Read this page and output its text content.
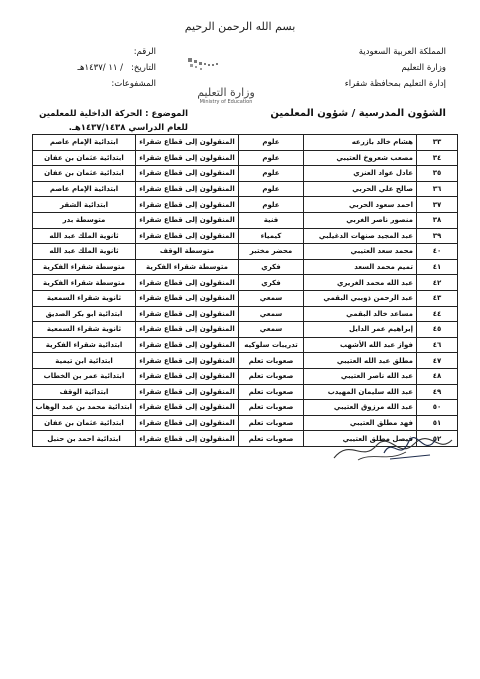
بسم الله الرحمن الرحيم
المملكة العربية السعودية
وزارة التعليم
إدارة التعليم بمحافظة شقراء
الرقم:
التاريخ:
/ ١١ /١٤٣٧هـ
المشفوعات:
وزارة التعليم
Ministry of Education
الشؤون المدرسية / شؤون المعلمين
الموضوع : الحركة الداخلية للمعلمين
للعام الدراسي ١٤٣٧/١٤٣٨هـ.
٣٣	هشام خالد بازرعه	علوم	المنقولون إلى قطاع شقراء	ابتدائية الإمام عاصم
٣٤	مصعب شعروخ العتيبي	علوم	المنقولون إلى قطاع شقراء	ابتدائية عثمان بن عفان
٣٥	عادل عواد العنزي	علوم	المنقولون إلى قطاع شقراء	ابتدائية عثمان بن عفان
٣٦	صالح علي الحربي	علوم	المنقولون إلى قطاع شقراء	ابتدائية الإمام عاصم
٣٧	احمد سعود الحربي	علوم	المنقولون إلى قطاع شقراء	ابتدائية الشقر
٣٨	منصور ناصر الغربي	فنية	المنقولون إلى قطاع شقراء	متوسطة بدر
٣٩	عبد المجيد صنهات الدغيلبي	كيمياء	المنقولون إلى قطاع شقراء	ثانوية الملك عبد الله
٤٠	محمد سعد العتيبي	محضر مختبر	متوسطة الوقف	ثانوية الملك عبد الله
٤١	تميم محمد السعد	فكري	متوسطة شقراء الفكرية	متوسطة شقراء الفكرية
٤٢	عبد الله محمد الغريري	فكري	المنقولون إلى قطاع شقراء	متوسطة شقراء الفكرية
٤٣	عبد الرحمن ذويبي البقمي	سمعي	المنقولون إلى قطاع شقراء	ثانوية شقراء السمعية
٤٤	مساعد خالد البقمي	سمعي	المنقولون إلى قطاع شقراء	ابتدائية ابو بكر الصديق
٤٥	إبراهيم عمر الدايل	سمعي	المنقولون إلى قطاع شقراء	ثانوية شقراء السمعية
٤٦	فواز عبد الله الأشهب	تدريبات سلوكيه	المنقولون إلى قطاع شقراء	ابتدائية شقراء الفكرية
٤٧	مطلق عبد الله العتيبي	صعوبات تعلم	المنقولون إلى قطاع شقراء	ابتدائية ابن تيمية
٤٨	عبد الله ناصر العتيبي	صعوبات تعلم	المنقولون إلى قطاع شقراء	ابتدائية عمر بن الخطاب
٤٩	عبد الله سليمان المهيدب	صعوبات تعلم	المنقولون إلى قطاع شقراء	ابتدائية الوقف
٥٠	عبد الله مرزوق العتيبي	صعوبات تعلم	المنقولون إلى قطاع شقراء	ابتدائية محمد بن عبد الوهاب
٥١	فهد مطلق العتيبي	صعوبات تعلم	المنقولون إلى قطاع شقراء	ابتدائية عثمان بن عفان
٥٢	فيصل مطلق العتيبي	صعوبات تعلم	المنقولون إلى قطاع شقراء	ابتدائية احمد بن حنبل
